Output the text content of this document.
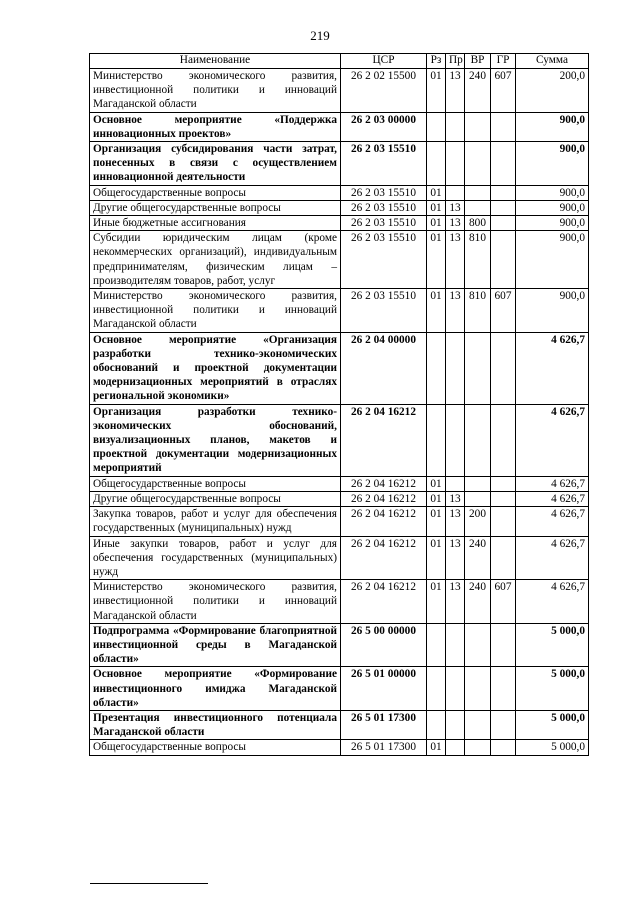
219
Наименование	ЦСР	Рз	Пр	ВР	ГР	Сумма
Министерство экономического развития, инвестиционной политики и инноваций Магаданской области	26 2 02 15500	01	13	240	607	200,0
Основное мероприятие «Поддержка инновационных проектов»	26 2 03 00000					900,0
Организация субсидирования части затрат, понесенных в связи с осуществлением инновационной деятельности	26 2 03 15510					900,0
Общегосударственные вопросы	26 2 03 15510	01				900,0
Другие общегосударственные вопросы	26 2 03 15510	01	13			900,0
Иные бюджетные ассигнования	26 2 03 15510	01	13	800		900,0
Субсидии юридическим лицам (кроме некоммерческих организаций), индивидуальным предпринимателям, физическим лицам – производителям товаров, работ, услуг	26 2 03 15510	01	13	810		900,0
Министерство экономического развития, инвестиционной политики и инноваций Магаданской области	26 2 03 15510	01	13	810	607	900,0
Основное мероприятие «Организация разработки технико-экономических обоснований и проектной документации модернизационных мероприятий в отраслях региональной экономики»	26 2 04 00000					4 626,7
Организация разработки технико-экономических обоснований, визуализационных планов, макетов и проектной документации модернизационных мероприятий	26 2 04 16212					4 626,7
Общегосударственные вопросы	26 2 04 16212	01				4 626,7
Другие общегосударственные вопросы	26 2 04 16212	01	13			4 626,7
Закупка товаров, работ и услуг для обеспечения государственных (муниципальных) нужд	26 2 04 16212	01	13	200		4 626,7
Иные закупки товаров, работ и услуг для обеспечения государственных (муниципальных) нужд	26 2 04 16212	01	13	240		4 626,7
Министерство экономического развития, инвестиционной политики и инноваций Магаданской области	26 2 04 16212	01	13	240	607	4 626,7
Подпрограмма «Формирование благоприятной инвестиционной среды в Магаданской области»	26 5 00 00000					5 000,0
Основное мероприятие «Формирование инвестиционного имиджа Магаданской области»	26 5 01 00000					5 000,0
Презентация инвестиционного потенциала Магаданской области	26 5 01 17300					5 000,0
Общегосударственные вопросы	26 5 01 17300	01				5 000,0
